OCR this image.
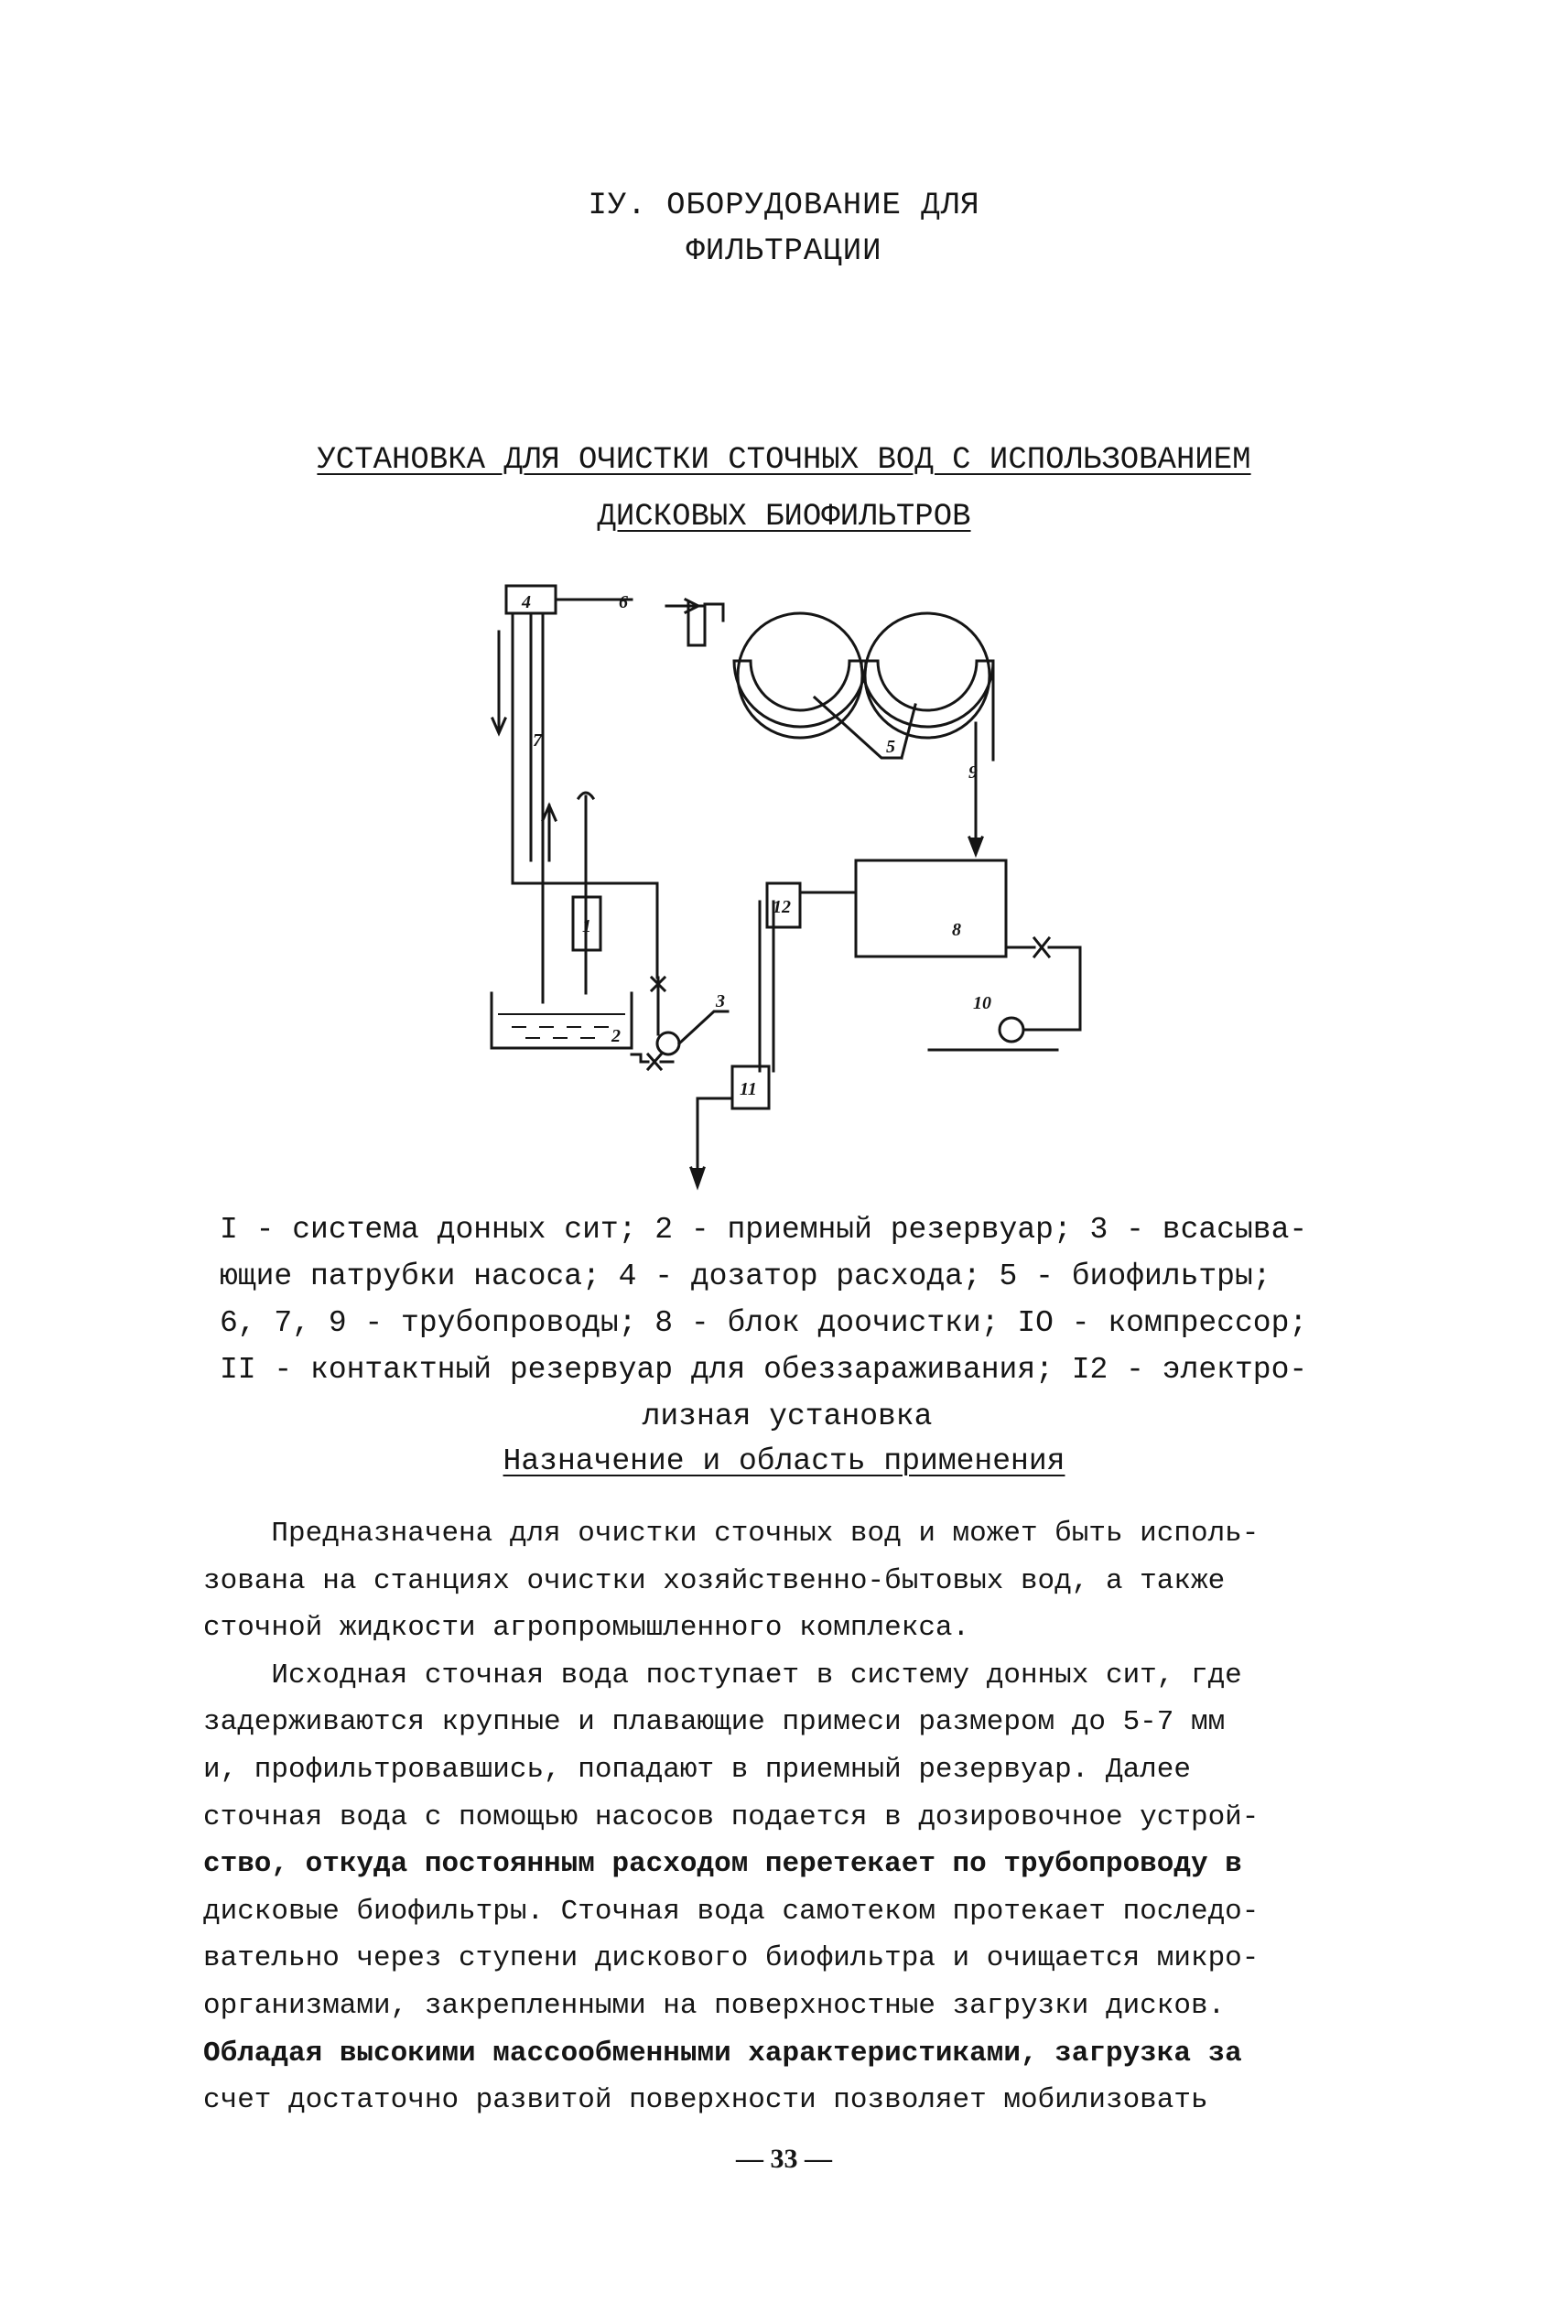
IУ. ОБОРУДОВАНИЕ ДЛЯ
ФИЛЬТРАЦИИ
УСТАНОВКА ДЛЯ ОЧИСТКИ СТОЧНЫХ ВОД С ИСПОЛЬЗОВАНИЕМ
ДИСКОВЫХ БИОФИЛЬТРОВ
4	6
7	5
9
1
2
3
12
8
10
11
I - система донных сит; 2 - приемный резервуар; 3 - всасыва-
ющие патрубки насоса; 4 - дозатор расхода; 5 - биофильтры;
6, 7, 9 - трубопроводы; 8 - блок доочистки; IO - компрессор;
II - контактный резервуар для обеззараживания; I2 - электро-
лизная установка
Назначение и область применения
Предназначена для очистки сточных вод и может быть исполь-
зована на станциях очистки хозяйственно-бытовых вод, а также
сточной жидкости агропромышленного комплекса.
Исходная сточная вода поступает в систему донных сит, где
задерживаются крупные и плавающие примеси размером до 5-7 мм
и, профильтровавшись, попадают в приемный резервуар. Далее
сточная вода с помощью насосов подается в дозировочное устрой-
ство, откуда постоянным расходом перетекает по трубопроводу в
дисковые биофильтры. Сточная вода самотеком протекает последо-
вательно через ступени дискового биофильтра и очищается микро-
организмами, закрепленными на поверхностные загрузки дисков.
Обладая высокими массообменными характеристиками, загрузка за
счет достаточно развитой поверхности позволяет мобилизовать
— 33 —
